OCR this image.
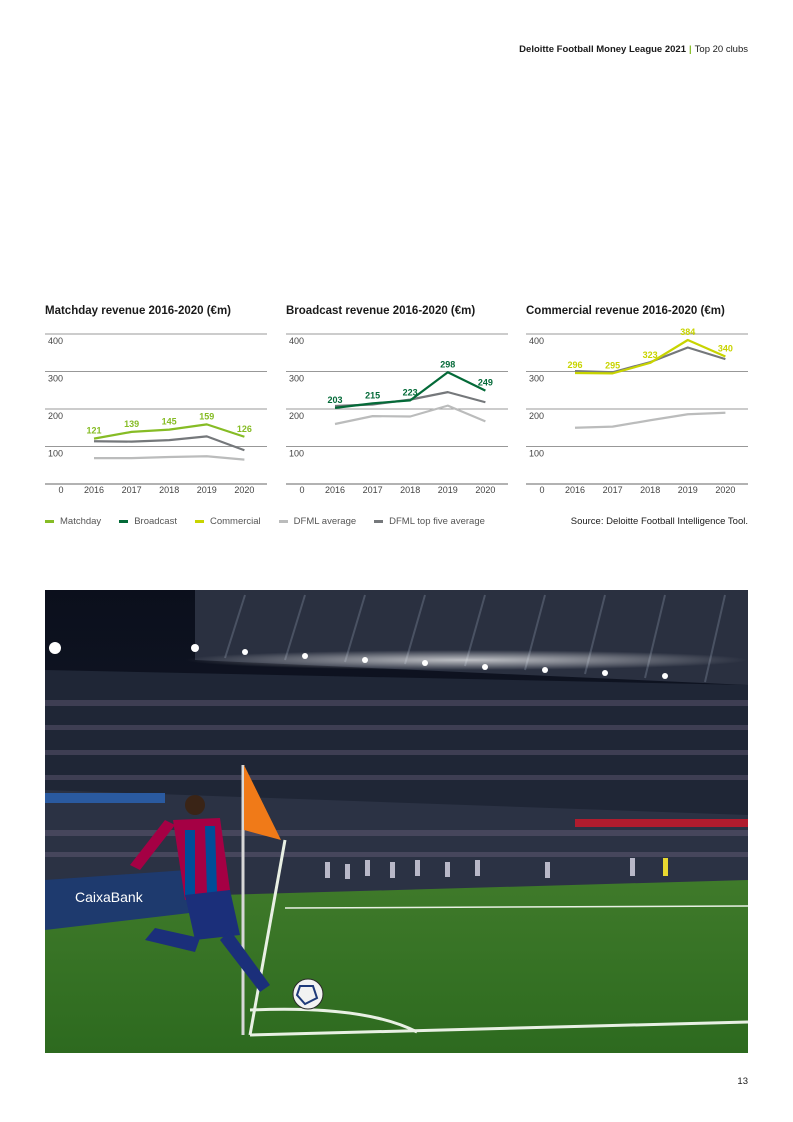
Deloitte Football Money League 2021 | Top 20 clubs
Matchday revenue 2016-2020 (€m)
0
100
200
300
400
2016 2017 2018 2019 2020
121
139	145
159
126
Broadcast revenue 2016-2020 (€m)
0
100
200
300
400
2016 2017 2018 2019 2020
203	215	223
298
249
Commercial revenue 2016-2020 (€m)
0
100
200
300
400
2016 2017 2018 2019 2020
296	295
323
384
340
Matchday	Broadcast	Commercial	DFML average	DFML top five average	Source: Deloitte Football Intelligence Tool.
CaixaBank
13
